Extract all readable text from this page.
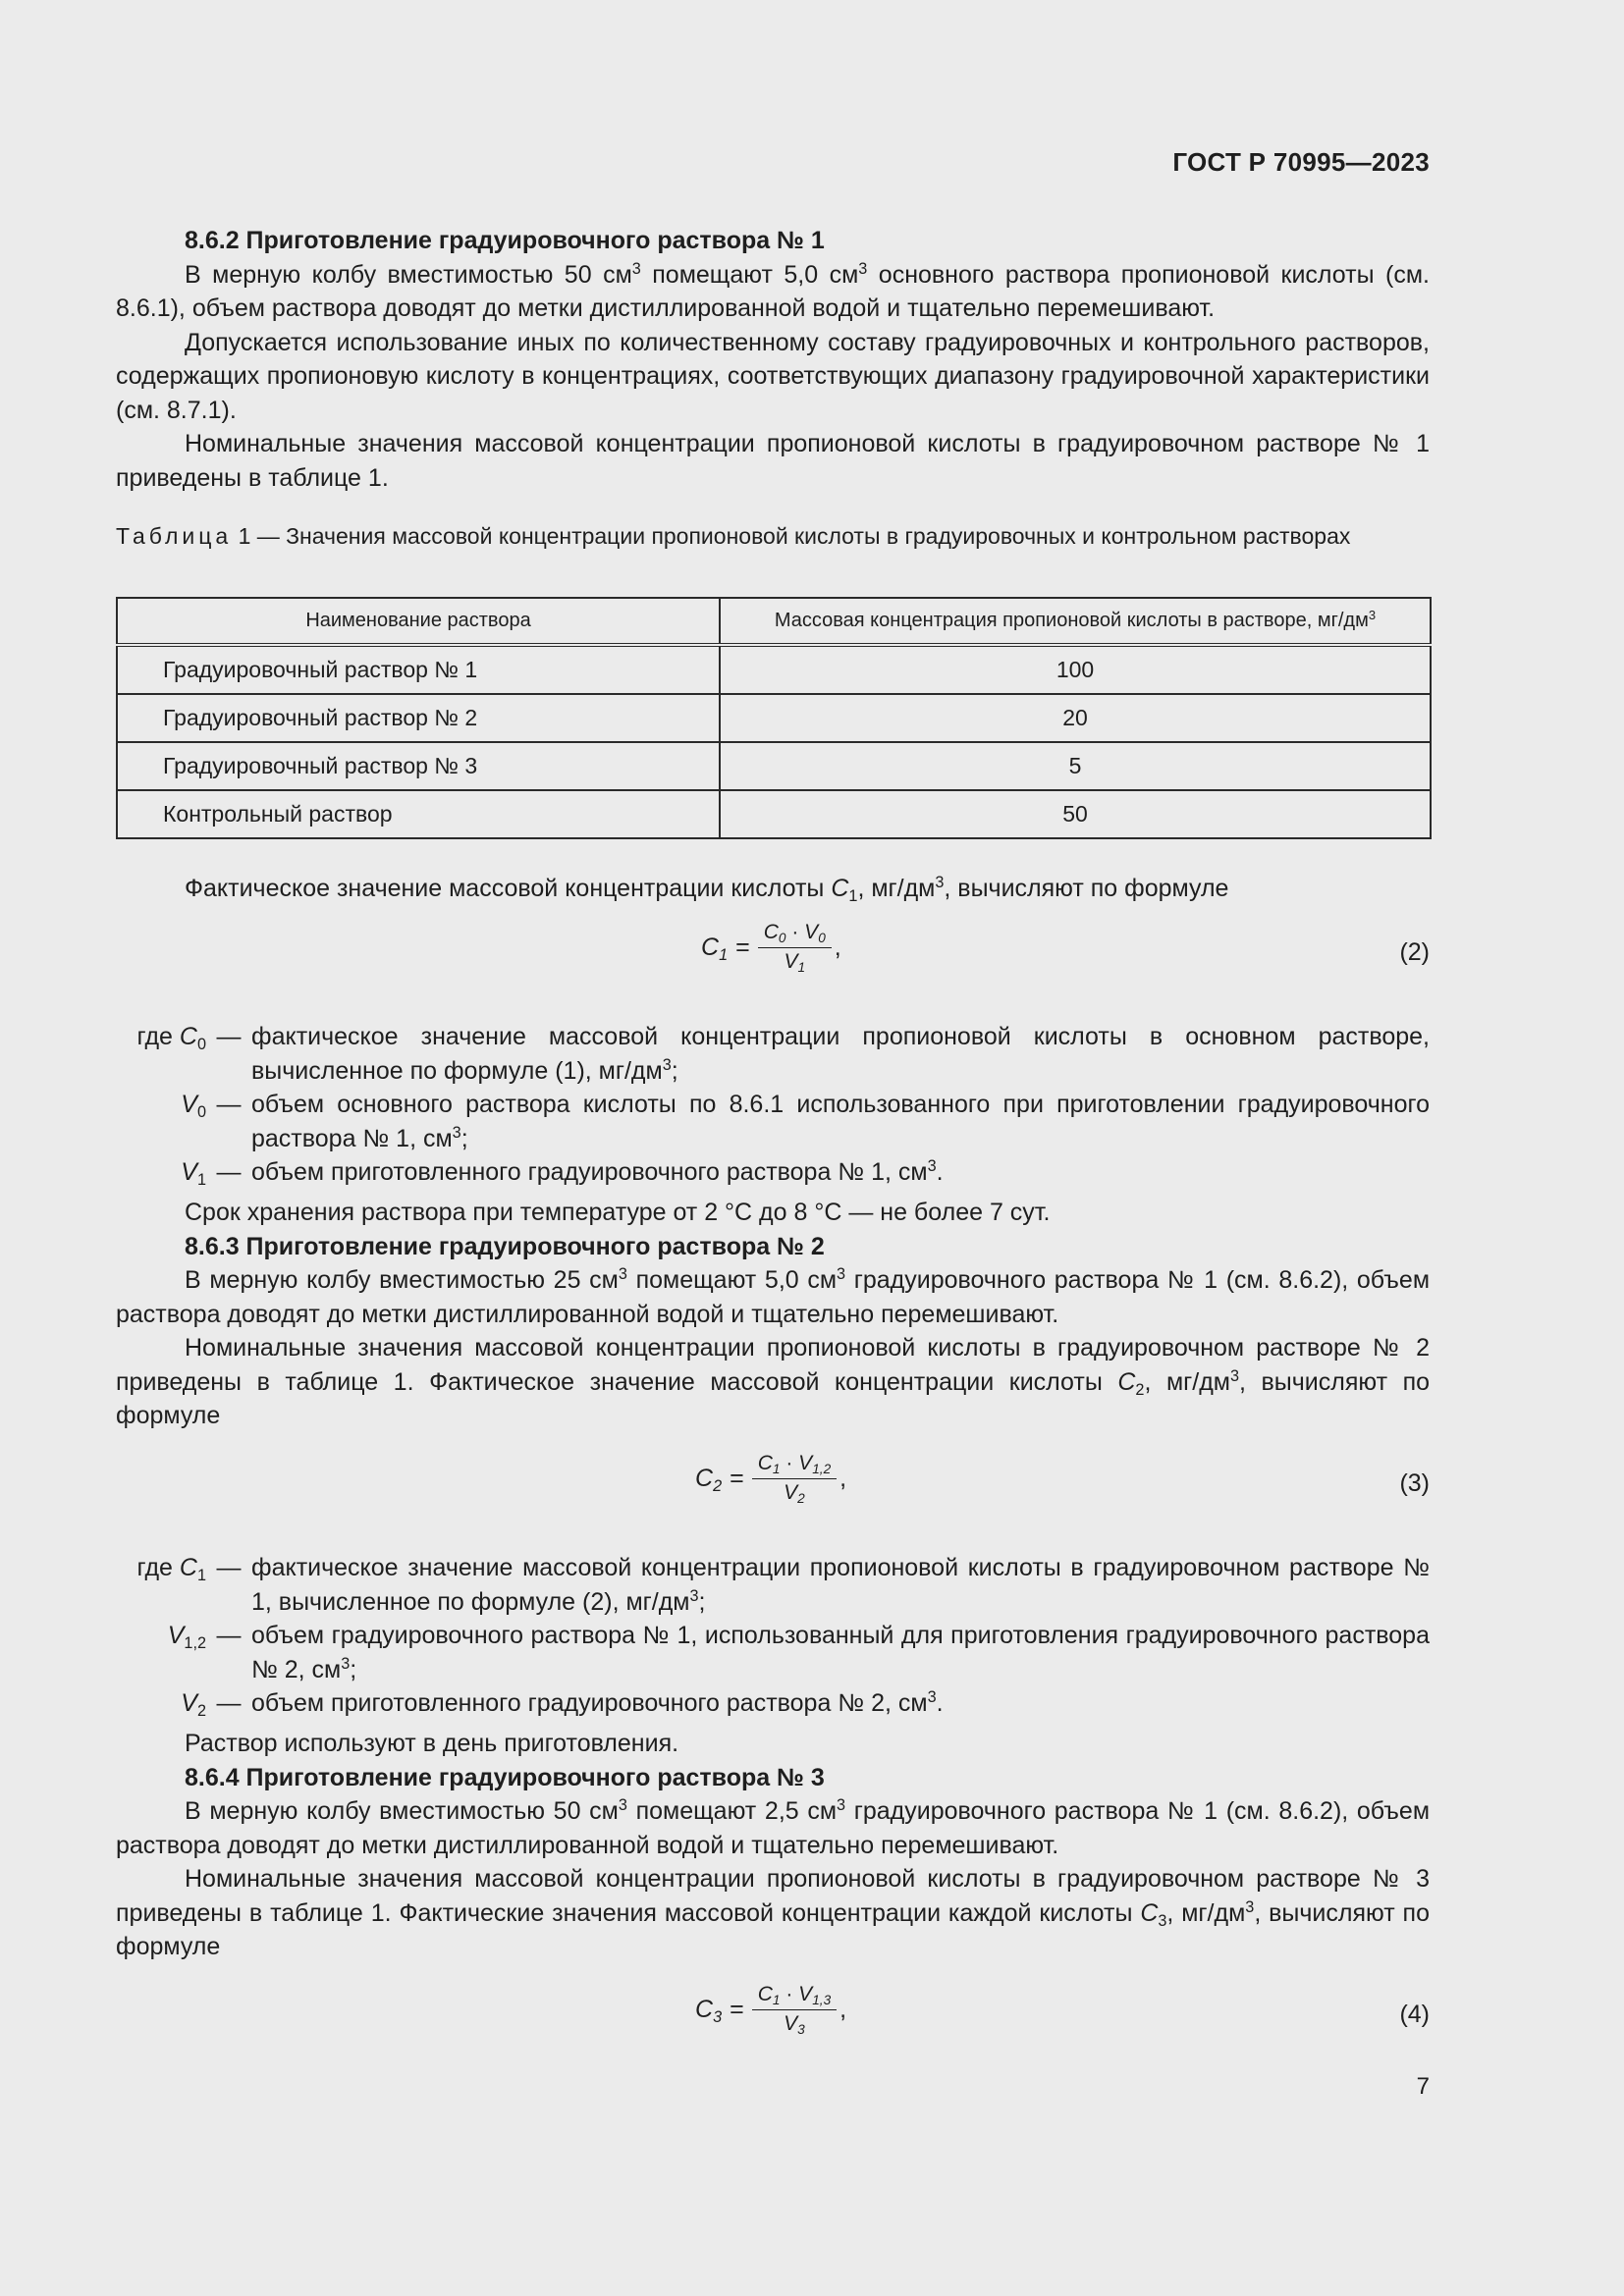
ГОСТ Р 70995—2023

8.6.2 Приготовление градуировочного раствора № 1

В мерную колбу вместимостью 50 $см^3$ помещают 5,0 $см^3$ основного раствора пропионовой кислоты (см. 8.6.1), объем раствора доводят до метки дистиллированной водой и тщательно перемешивают.

Допускается использование иных по количественному составу градуировочных и контрольного растворов, содержащих пропионовую кислоту в концентрациях, соответствующих диапазону градуировочной характеристики (см. 8.7.1).

Номинальные значения массовой концентрации пропионовой кислоты в градуировочном растворе № 1 приведены в таблице 1.

Таблица 1 — Значения массовой концентрации пропионовой кислоты в градуировочных и контрольном растворах
Наименование раствора	Массовая концентрация пропионовой кислоты в растворе, $мг/дм^3$
Градуировочный раствор № 1	100
Градуировочный раствор № 2	20
Градуировочный раствор № 3	5
Контрольный раствор	50

Фактическое значение массовой концентрации кислоты $C_1$, $мг/дм^3$, вычисляют по формуле

$C_1 = \frac{C_0 \cdot V_0}{V_1}$ ,	(2)
где $C_0$ — фактическое значение массовой концентрации пропионовой кислоты в основном растворе, вычисленное по формуле (1), $мг/дм^3$;
$V_0$ — объем основного раствора кислоты по 8.6.1 использованного при приготовлении градуировочного раствора № 1, $см^3$;
$V_1$ — объем приготовленного градуировочного раствора № 1, $см^3$.

Срок хранения раствора при температуре от 2 °C до 8 °C — не более 7 сут.

8.6.3 Приготовление градуировочного раствора № 2

В мерную колбу вместимостью 25 $см^3$ помещают 5,0 $см^3$ градуировочного раствора № 1 (см. 8.6.2), объем раствора доводят до метки дистиллированной водой и тщательно перемешивают.

Номинальные значения массовой концентрации пропионовой кислоты в градуировочном растворе № 2 приведены в таблице 1. Фактическое значение массовой концентрации кислоты $C_2$, $мг/дм^3$, вычисляют по формуле

$C_2 = \frac{C_1 \cdot V_{1,2}}{V_2}$ ,	(3)
где $C_1$ — фактическое значение массовой концентрации пропионовой кислоты в градуировочном растворе № 1, вычисленное по формуле (2), $мг/дм^3$;
$V_{1,2}$ — объем градуировочного раствора № 1, использованный для приготовления градуировочного раствора № 2, $см^3$;
$V_2$ — объем приготовленного градуировочного раствора № 2, $см^3$.

Раствор используют в день приготовления.

8.6.4 Приготовление градуировочного раствора № 3

В мерную колбу вместимостью 50 $см^3$ помещают 2,5 $см^3$ градуировочного раствора № 1 (см. 8.6.2), объем раствора доводят до метки дистиллированной водой и тщательно перемешивают.

Номинальные значения массовой концентрации пропионовой кислоты в градуировочном растворе № 3 приведены в таблице 1. Фактические значения массовой концентрации каждой кислоты $C_3$, $мг/дм^3$, вычисляют по формуле

$C_3 = \frac{C_1 \cdot V_{1,3}}{V_3}$ ,	(4)
7
